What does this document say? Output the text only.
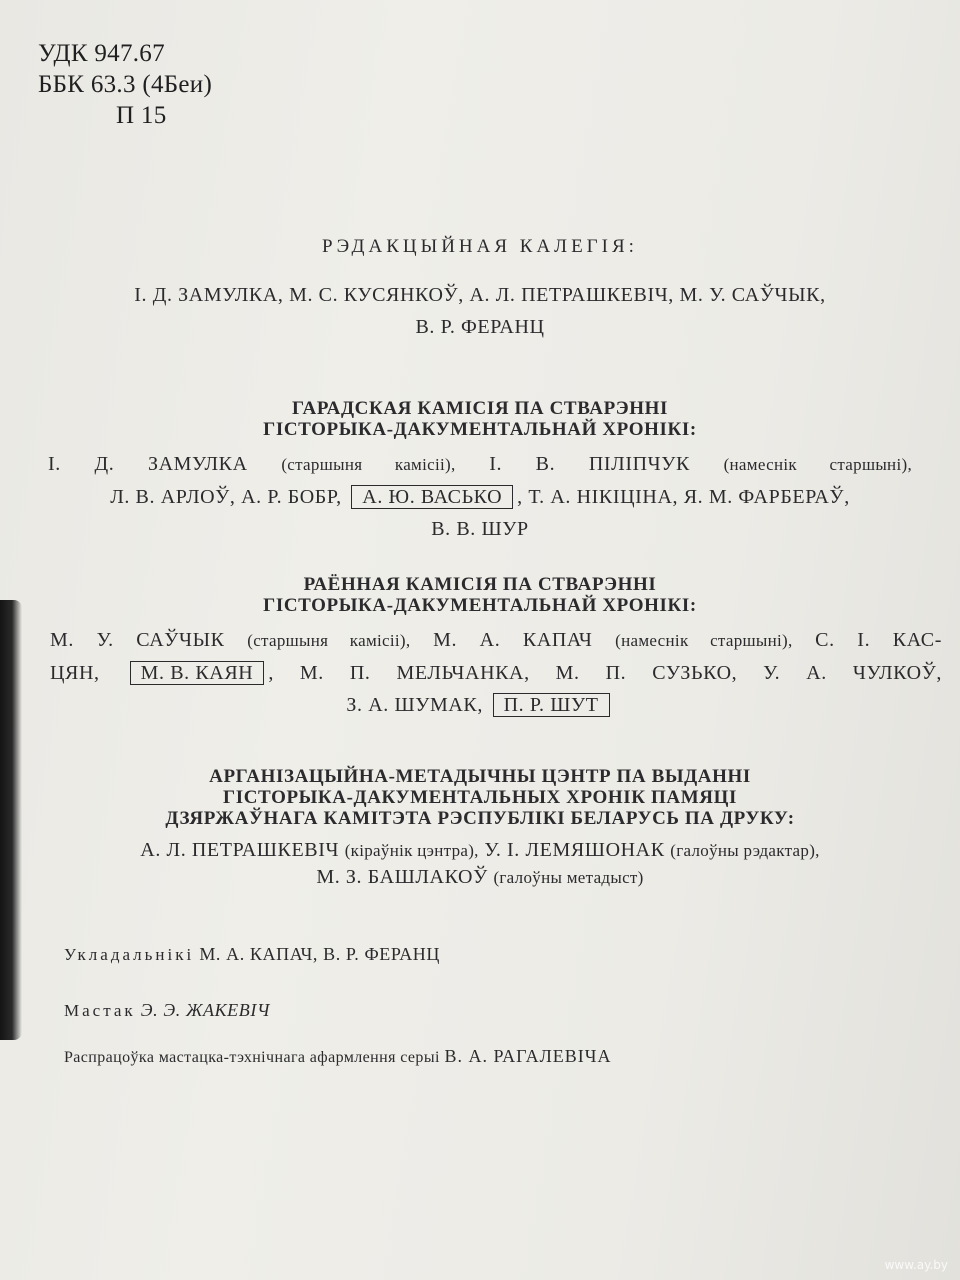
УДК 947.67
ББК 63.3 (4Беи)
П 15
РЭДАКЦЫЙНАЯ КАЛЕГІЯ:
І. Д. ЗАМУЛКА, М. С. КУСЯНКОЎ, А. Л. ПЕТРАШКЕВІЧ, М. У. САЎЧЫК,
В. Р. ФЕРАНЦ
ГАРАДСКАЯ КАМІСІЯ ПА СТВАРЭННІ
ГІСТОРЫКА-ДАКУМЕНТАЛЬНАЙ ХРОНІКІ:
І. Д. ЗАМУЛКА (старшыня камісіі), І. В. ПІЛІПЧУК (намеснік старшыні),
Л. В. АРЛОЎ, А. Р. БОБР, А. Ю. ВАСЬКО , Т. А. НІКІЦІНА, Я. М. ФАРБЕРАЎ,
В. В. ШУР
РАЁННАЯ КАМІСІЯ ПА СТВАРЭННІ
ГІСТОРЫКА-ДАКУМЕНТАЛЬНАЙ ХРОНІКІ:
М. У. САЎЧЫК (старшыня камісіі), М. А. КАПАЧ (намеснік старшыні), С. І. КАС-
ЦЯН, М. В. КАЯН , М. П. МЕЛЬЧАНКА, М. П. СУЗЬКО, У. А. ЧУЛКОЎ,
З. А. ШУМАК, П. Р. ШУТ
АРГАНІЗАЦЫЙНА-МЕТАДЫЧНЫ ЦЭНТР ПА ВЫДАННІ
ГІСТОРЫКА-ДАКУМЕНТАЛЬНЫХ ХРОНІК ПАМЯЦІ
ДЗЯРЖАЎНАГА КАМІТЭТА РЭСПУБЛІКІ БЕЛАРУСЬ ПА ДРУКУ:
А. Л. ПЕТРАШКЕВІЧ (кіраўнік цэнтра), У. І. ЛЕМЯШОНАК (галоўны рэдактар),
М. З. БАШЛАКОЎ (галоўны метадыст)
Укладальнікі М. А. КАПАЧ, В. Р. ФЕРАНЦ
Мастак Э. Э. ЖАКЕВІЧ
Распрацоўка мастацка-тэхнічнага афармлення серыі В. А. РАГАЛЕВІЧА
www.ay.by
